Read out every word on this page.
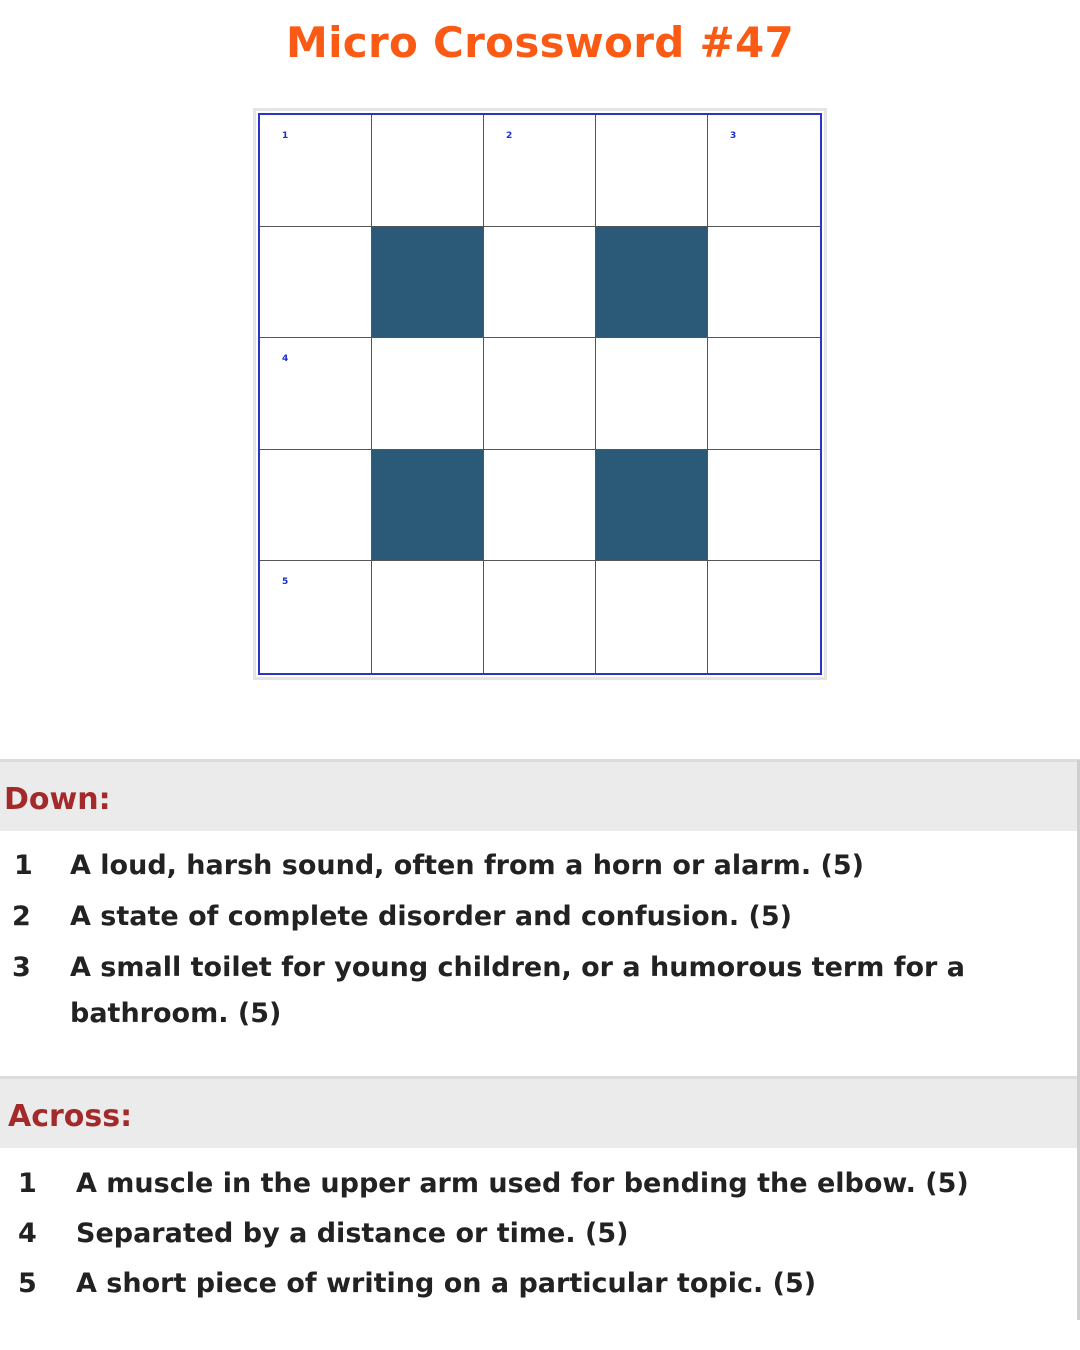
Micro Crossword #47
1	2	3
4
5
Down:
1 A loud, harsh sound, often from a horn or alarm. (5)
2 A state of complete disorder and confusion. (5)
3 A small toilet for young children, or a humorous term for a
bathroom. (5)
Across:
1 A muscle in the upper arm used for bending the elbow. (5)
4 Separated by a distance or time. (5)
5 A short piece of writing on a particular topic. (5)
